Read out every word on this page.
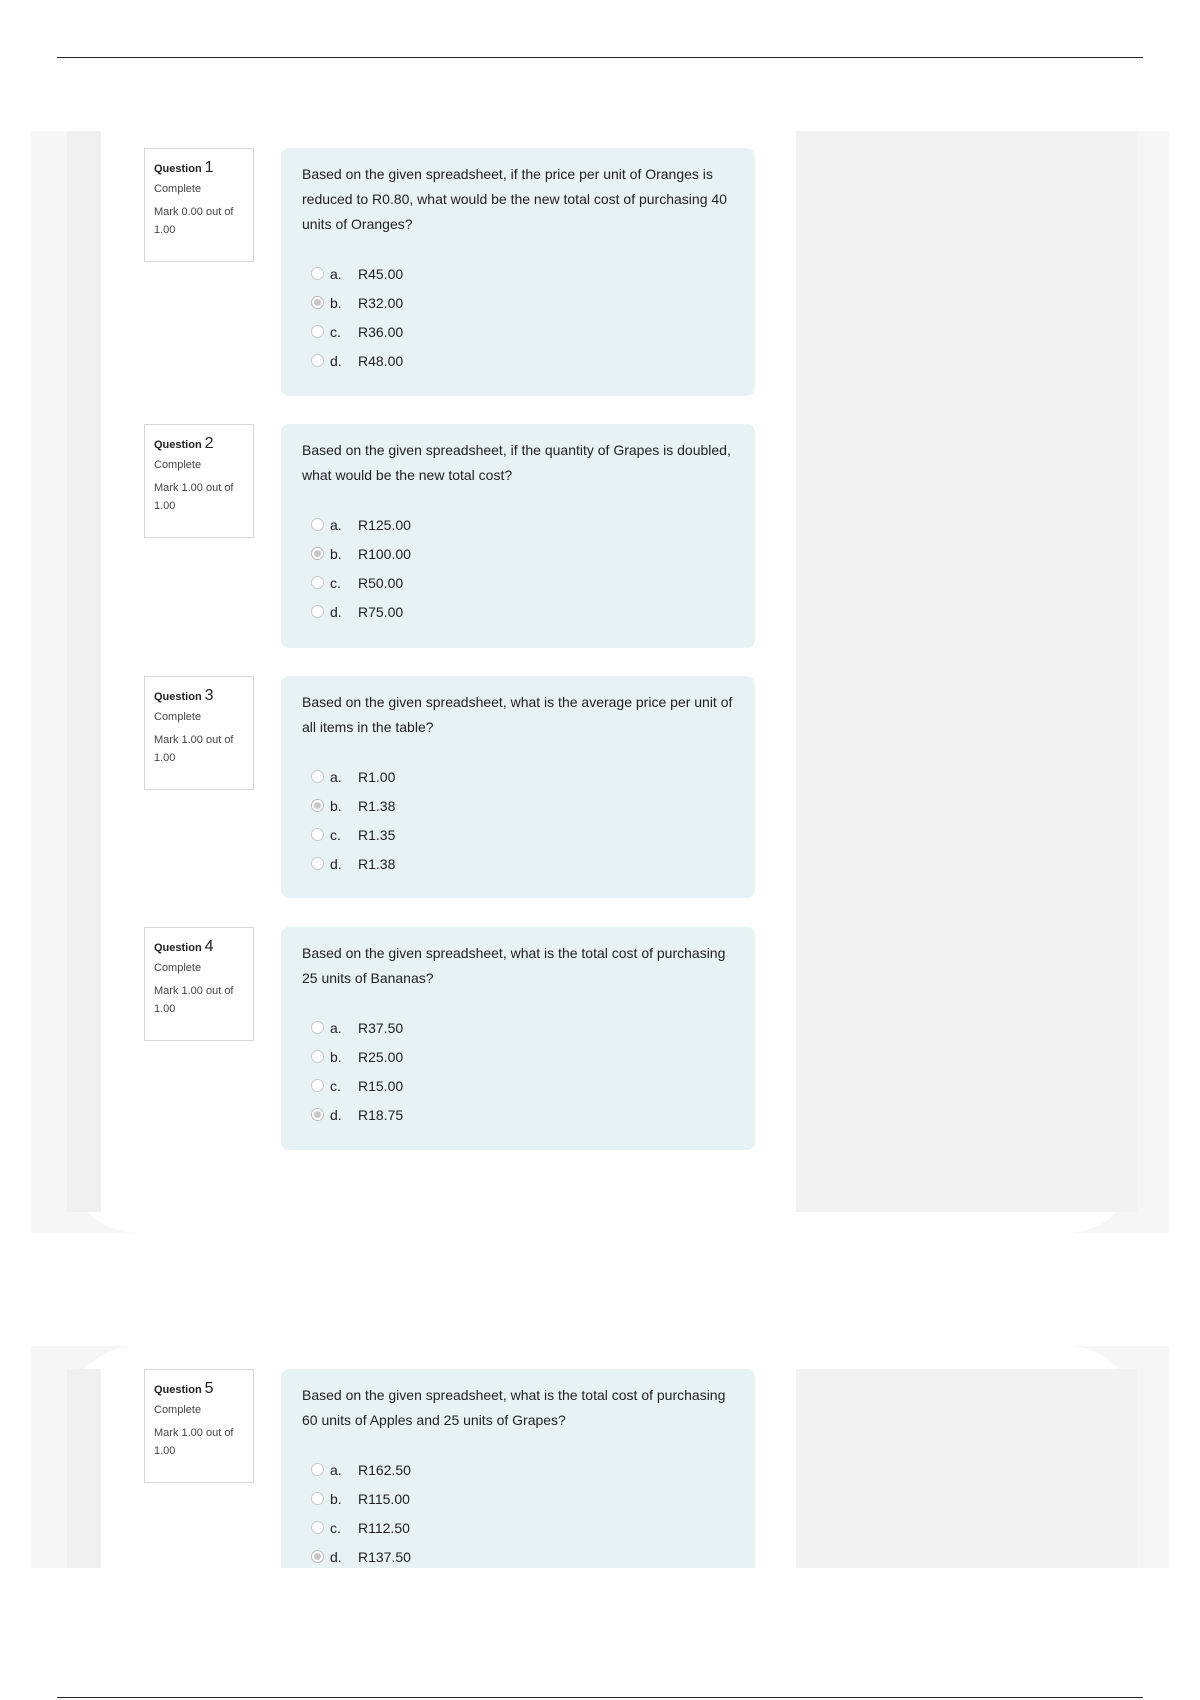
Question 1
Complete
Mark 0.00 out of 1.00

Based on the given spreadsheet, if the price per unit of Oranges is reduced to R0.80, what would be the new total cost of purchasing 40 units of Oranges?

a.	R45.00
b.	R32.00
c.	R36.00
d.	R48.00
Question 2
Complete
Mark 1.00 out of 1.00

Based on the given spreadsheet, if the quantity of Grapes is doubled, what would be the new total cost?

a.	R125.00
b.	R100.00
c.	R50.00
d.	R75.00
Question 3
Complete
Mark 1.00 out of 1.00

Based on the given spreadsheet, what is the average price per unit of all items in the table?

a.	R1.00
b.	R1.38
c.	R1.35
d.	R1.38
Question 4
Complete
Mark 1.00 out of 1.00

Based on the given spreadsheet, what is the total cost of purchasing 25 units of Bananas?

a.	R37.50
b.	R25.00
c.	R15.00
d.	R18.75
Question 5
Complete
Mark 1.00 out of 1.00

Based on the given spreadsheet, what is the total cost of purchasing 60 units of Apples and 25 units of Grapes?

a.	R162.50
b.	R115.00
c.	R112.50
d.	R137.50
